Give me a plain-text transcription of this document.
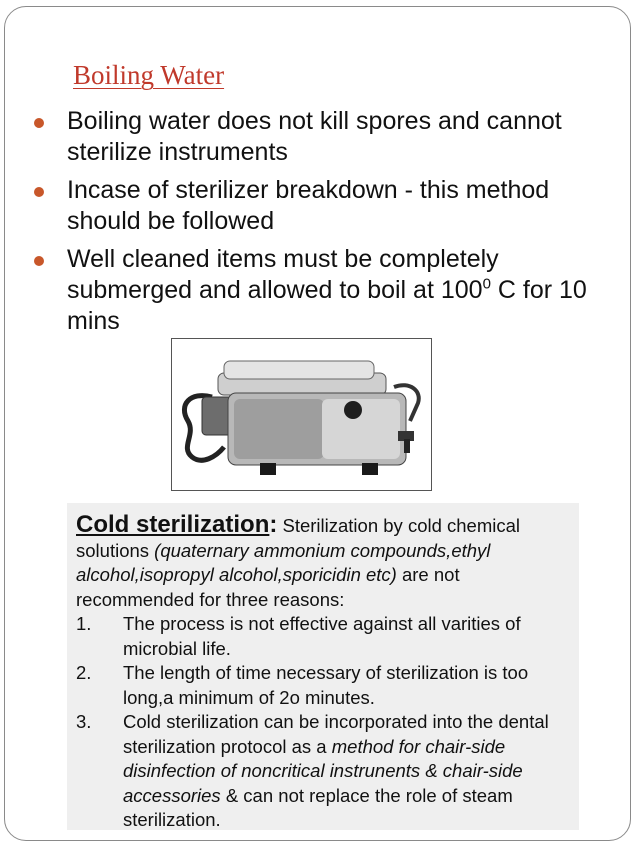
Boiling Water
Boiling water does not kill spores and cannot sterilize instruments
Incase of sterilizer breakdown - this method should be followed
Well cleaned items must be completely submerged and allowed to boil at $100^0$ C for 10 mins

Cold sterilization: Sterilization by cold chemical solutions (quaternary ammonium compounds,ethyl alcohol,isopropyl alcohol,sporicidin etc) are not recommended for three reasons:

1. The process is not effective against all varities of microbial life.
2. The length of time necessary of sterilization is too long,a minimum of 2o minutes.
3. Cold sterilization can be incorporated into the dental sterilization protocol as a method for chair-side disinfection of noncritical instrunents & chair-side accessories & can not replace the role of steam sterilization.
